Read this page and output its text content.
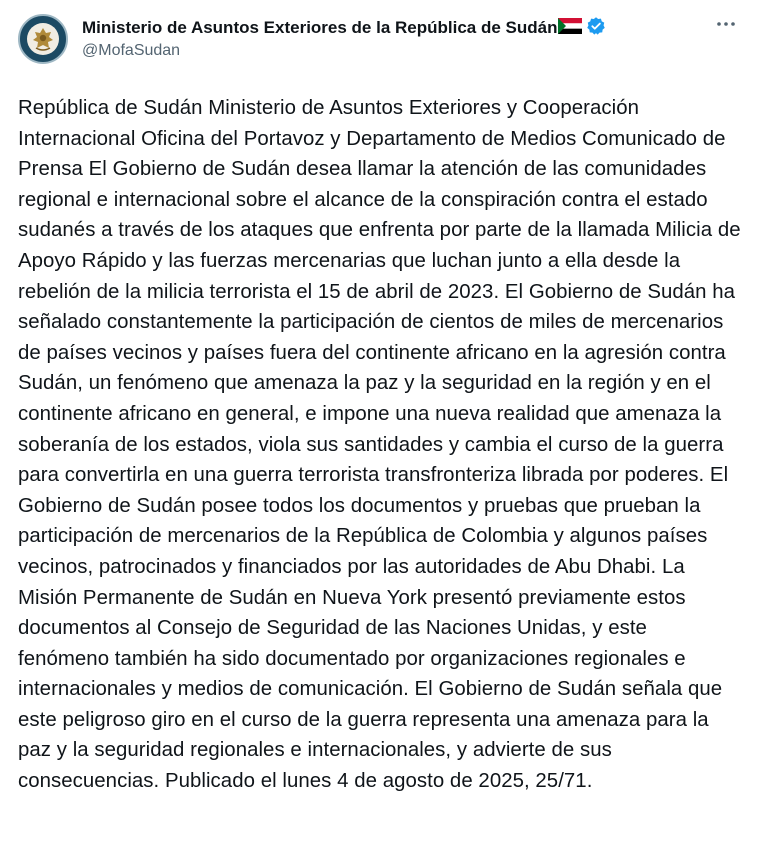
Ministerio de Asuntos Exteriores de la República de Sudán
@MofaSudan
República de Sudán Ministerio de Asuntos Exteriores y Cooperación Internacional Oficina del Portavoz y Departamento de Medios Comunicado de Prensa El Gobierno de Sudán desea llamar la atención de las comunidades regional e internacional sobre el alcance de la conspiración contra el estado sudanés a través de los ataques que enfrenta por parte de la llamada Milicia de Apoyo Rápido y las fuerzas mercenarias que luchan junto a ella desde la rebelión de la milicia terrorista el 15 de abril de 2023. El Gobierno de Sudán ha señalado constantemente la participación de cientos de miles de mercenarios de países vecinos y países fuera del continente africano en la agresión contra Sudán, un fenómeno que amenaza la paz y la seguridad en la región y en el continente africano en general, e impone una nueva realidad que amenaza la soberanía de los estados, viola sus santidades y cambia el curso de la guerra para convertirla en una guerra terrorista transfronteriza librada por poderes. El Gobierno de Sudán posee todos los documentos y pruebas que prueban la participación de mercenarios de la República de Colombia y algunos países vecinos, patrocinados y financiados por las autoridades de Abu Dhabi. La Misión Permanente de Sudán en Nueva York presentó previamente estos documentos al Consejo de Seguridad de las Naciones Unidas, y este fenómeno también ha sido documentado por organizaciones regionales e internacionales y medios de comunicación. El Gobierno de Sudán señala que este peligroso giro en el curso de la guerra representa una amenaza para la paz y la seguridad regionales e internacionales, y advierte de sus consecuencias. Publicado el lunes 4 de agosto de 2025, 25/71.
